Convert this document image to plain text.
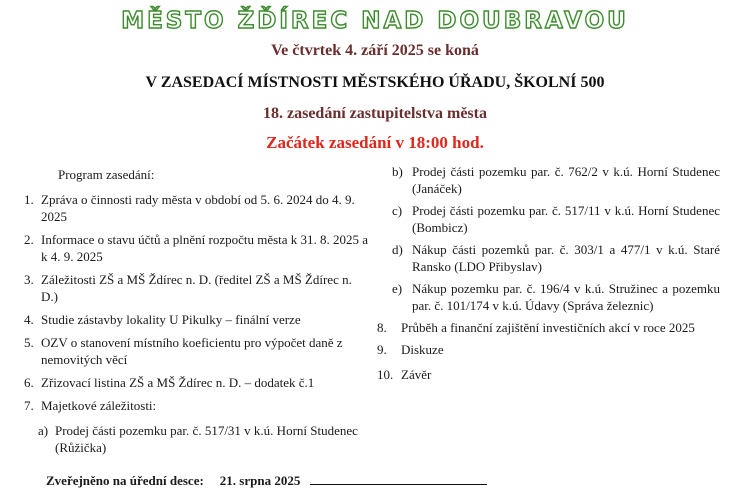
MĚSTO ŽĎÍREC NAD DOUBRAVOU
Ve čtvrtek 4. září 2025 se koná
V ZASEDACÍ MÍSTNOSTI MĚSTSKÉHO ÚŘADU, ŠKOLNÍ 500
18. zasedání zastupitelstva města
Začátek zasedání v 18:00 hod.
Program zasedání:
1. Zpráva o činnosti rady města v období od 5. 6. 2024 do 4. 9. 2025
2. Informace o stavu účtů a plnění rozpočtu města k 31. 8. 2025 a k 4. 9. 2025
3. Záležitosti ZŠ a MŠ Ždírec n. D. (ředitel ZŠ a MŠ Ždírec n. D.)
4. Studie zástavby lokality U Pikulky – finální verze
5. OZV o stanovení místního koeficientu pro výpočet daně z nemovitých věcí
6. Zřizovací listina ZŠ a MŠ Ždírec n. D. – dodatek č.1
7. Majetkové záležitosti:
a) Prodej části pozemku par. č. 517/31 v k.ú. Horní Studenec (Růžička)
b) Prodej části pozemku par. č. 762/2 v k.ú. Horní Studenec (Janáček)
c) Prodej části pozemku par. č. 517/11 v k.ú. Horní Studenec (Bombicz)
d) Nákup části pozemků par. č. 303/1 a 477/1 v k.ú. Staré Ransko (LDO Přibyslav)
e) Nákup pozemku par. č. 196/4 v k.ú. Stružinec a pozemku par. č. 101/174 v k.ú. Údavy (Správa železnic)
8.	Průběh a finanční zajištění investičních akcí v roce 2025
9.	Diskuze
10. Závěr
Zveřejněno na úřední desce: 21. srpna 2025
